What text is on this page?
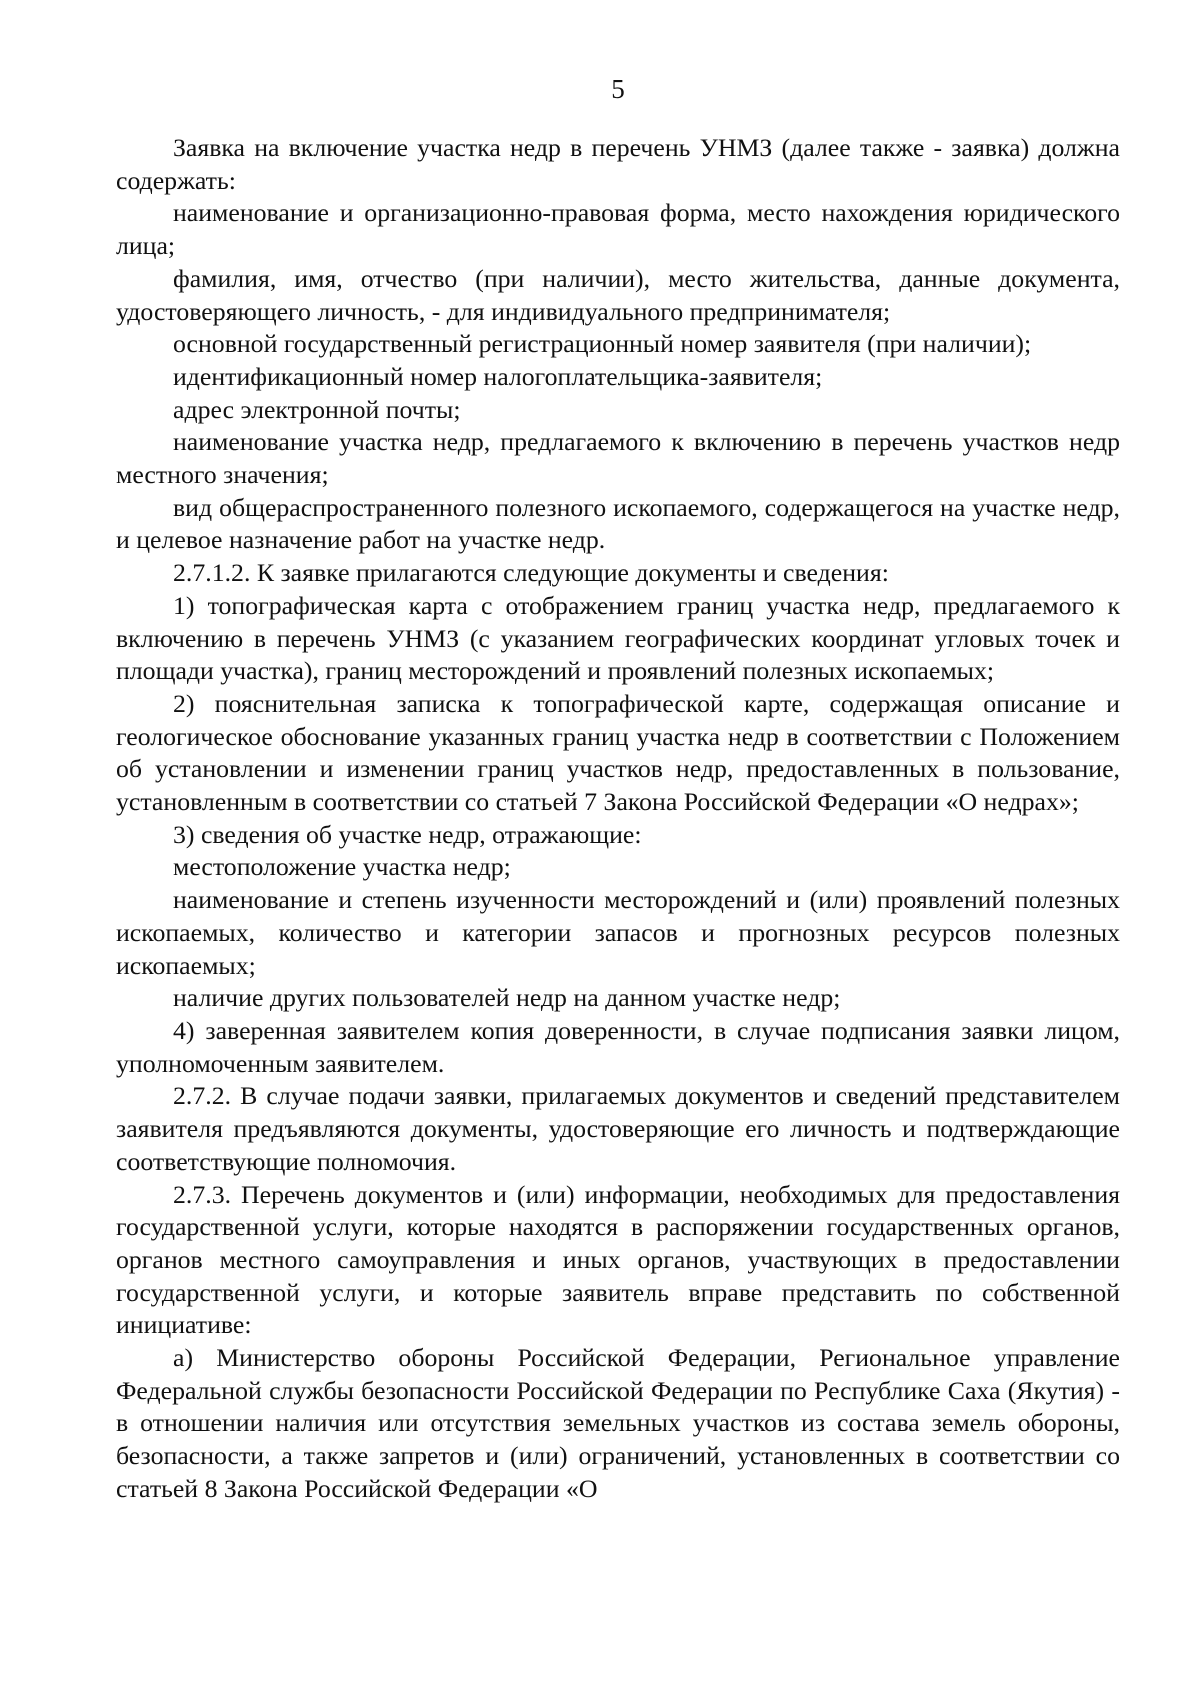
5

Заявка на включение участка недр в перечень УНМЗ (далее также - заявка) должна содержать:

наименование и организационно-правовая форма, место нахождения юридического лица;

фамилия, имя, отчество (при наличии), место жительства, данные документа, удостоверяющего личность, - для индивидуального предпринимателя;

основной государственный регистрационный номер заявителя (при наличии);

идентификационный номер налогоплательщика-заявителя;

адрес электронной почты;

наименование участка недр, предлагаемого к включению в перечень участков недр местного значения;

вид общераспространенного полезного ископаемого, содержащегося на участке недр, и целевое назначение работ на участке недр.

2.7.1.2. К заявке прилагаются следующие документы и сведения:

1) топографическая карта с отображением границ участка недр, предлагаемого к включению в перечень УНМЗ (с указанием географических координат угловых точек и площади участка), границ месторождений и проявлений полезных ископаемых;

2) пояснительная записка к топографической карте, содержащая описание и геологическое обоснование указанных границ участка недр в соответствии с Положением об установлении и изменении границ участков недр, предоставленных в пользование, установленным в соответствии со статьей 7 Закона Российской Федерации «О недрах»;

3) сведения об участке недр, отражающие:

местоположение участка недр;

наименование и степень изученности месторождений и (или) проявлений полезных ископаемых, количество и категории запасов и прогнозных ресурсов полезных ископаемых;

наличие других пользователей недр на данном участке недр;

4) заверенная заявителем копия доверенности, в случае подписания заявки лицом, уполномоченным заявителем.

2.7.2. В случае подачи заявки, прилагаемых документов и сведений представителем заявителя предъявляются документы, удостоверяющие его личность и подтверждающие соответствующие полномочия.

2.7.3. Перечень документов и (или) информации, необходимых для предоставления государственной услуги, которые находятся в распоряжении государственных органов, органов местного самоуправления и иных органов, участвующих в предоставлении государственной услуги, и которые заявитель вправе представить по собственной инициативе:

а) Министерство обороны Российской Федерации, Региональное управление Федеральной службы безопасности Российской Федерации по Республике Саха (Якутия) - в отношении наличия или отсутствия земельных участков из состава земель обороны, безопасности, а также запретов и (или) ограничений, установленных в соответствии со статьей 8 Закона Российской Федерации «О
